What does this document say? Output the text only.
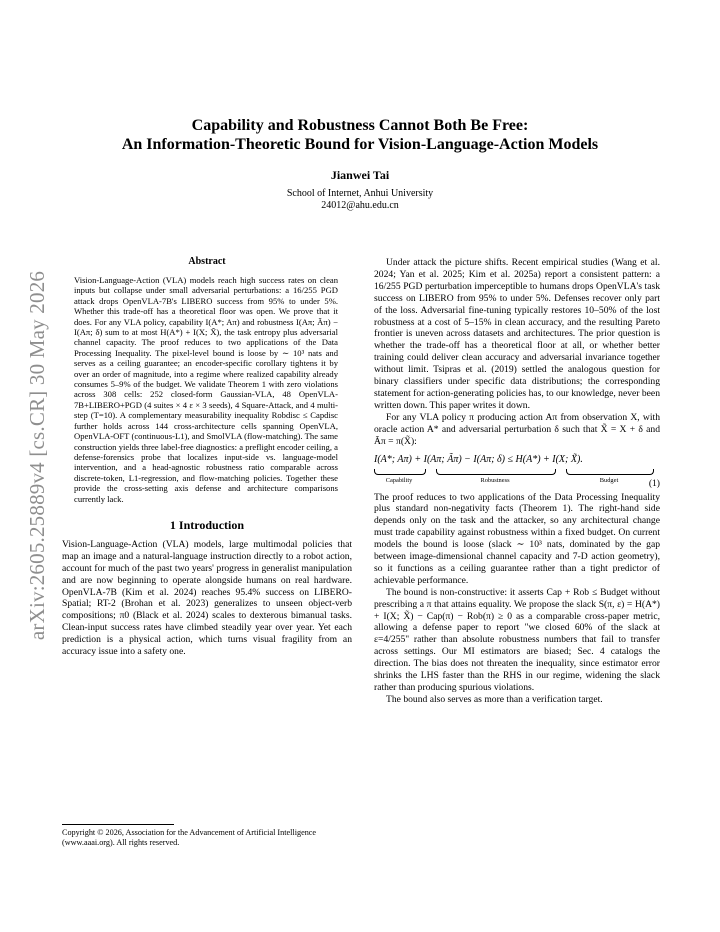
arXiv:2605.25889v4 [cs.CR] 30 May 2026
Capability and Robustness Cannot Both Be Free:
An Information-Theoretic Bound for Vision-Language-Action Models
Jianwei Tai
School of Internet, Anhui University
24012@ahu.edu.cn
Abstract

Vision-Language-Action (VLA) models reach high success rates on clean inputs but collapse under small adversarial perturbations: a 16/255 PGD attack drops OpenVLA-7B's LIBERO success from 95% to under 5%. Whether this trade-off has a theoretical floor was open. We prove that it does. For any VLA policy, capability I(A*; Aπ) and robustness I(Aπ; Ãπ) − I(Aπ; δ) sum to at most H(A*) + I(X; X̃), the task entropy plus adversarial channel capacity. The proof reduces to two applications of the Data Processing Inequality. The pixel-level bound is loose by ∼ 10³ nats and serves as a ceiling guarantee; an encoder-specific corollary tightens it by over an order of magnitude, into a regime where realized capability already consumes 5–9% of the budget. We validate Theorem 1 with zero violations across 308 cells: 252 closed-form Gaussian-VLA, 48 OpenVLA-7B+LIBERO+PGD (4 suites × 4 ε × 3 seeds), 4 Square-Attack, and 4 multi-step (T=10). A complementary measurability inequality Robdisc ≤ Capdisc further holds across 144 cross-architecture cells spanning OpenVLA, OpenVLA-OFT (continuous-L1), and SmolVLA (flow-matching). The same construction yields three label-free diagnostics: a preflight encoder ceiling, a defense-forensics probe that localizes input-side vs. language-model intervention, and a head-agnostic robustness ratio comparable across discrete-token, L1-regression, and flow-matching policies. Together these provide the cross-setting axis defense and architecture comparisons currently lack.

1 Introduction

Vision-Language-Action (VLA) models, large multimodal policies that map an image and a natural-language instruction directly to a robot action, account for much of the past two years' progress in generalist manipulation and are now beginning to operate alongside humans on real hardware. OpenVLA-7B (Kim et al. 2024) reaches 95.4% success on LIBERO-Spatial; RT-2 (Brohan et al. 2023) generalizes to unseen object-verb compositions; π0 (Black et al. 2024) scales to dexterous bimanual tasks. Clean-input success rates have climbed steadily year over year. Yet each prediction is a physical action, which turns visual fragility from an accuracy issue into a safety one.

Copyright © 2026, Association for the Advancement of Artificial Intelligence (www.aaai.org). All rights reserved.

Under attack the picture shifts. Recent empirical studies (Wang et al. 2024; Yan et al. 2025; Kim et al. 2025a) report a consistent pattern: a 16/255 PGD perturbation imperceptible to humans drops OpenVLA's task success on LIBERO from 95% to under 5%. Defenses recover only part of the loss. Adversarial fine-tuning typically restores 10–50% of the lost robustness at a cost of 5–15% in clean accuracy, and the resulting Pareto frontier is uneven across datasets and architectures. The prior question is whether the trade-off has a theoretical floor at all, or whether better training could deliver clean accuracy and adversarial invariance together without limit. Tsipras et al. (2019) settled the analogous question for binary classifiers under specific data distributions; the corresponding statement for action-generating policies has, to our knowledge, never been written down. This paper writes it down.

For any VLA policy π producing action Aπ from observation X, with oracle action A* and adversarial perturbation δ such that X̃ = X + δ and Ãπ = π(X̃):

I(A*; Aπ) + I(Aπ; Ãπ) − I(Aπ; δ) ≤ H(A*) + I(X; X̃).
Capability	Robustness	Budget	(1)

The proof reduces to two applications of the Data Processing Inequality plus standard non-negativity facts (Theorem 1). The right-hand side depends only on the task and the attacker, so any architectural change must trade capability against robustness within a fixed budget. On current models the bound is loose (slack ∼ 10³ nats, dominated by the gap between image-dimensional channel capacity and 7-D action geometry), so it functions as a ceiling guarantee rather than a tight predictor of achievable performance.

The bound is non-constructive: it asserts Cap + Rob ≤ Budget without prescribing a π that attains equality. We propose the slack S(π, ε) = H(A*) + I(X; X̃) − Cap(π) − Rob(π) ≥ 0 as a comparable cross-paper metric, allowing a defense paper to report "we closed 60% of the slack at ε=4/255" rather than absolute robustness numbers that fail to transfer across settings. Our MI estimators are biased; Sec. 4 catalogs the direction. The bias does not threaten the inequality, since estimator error shrinks the LHS faster than the RHS in our regime, widening the slack rather than producing spurious violations.

The bound also serves as more than a verification target.
